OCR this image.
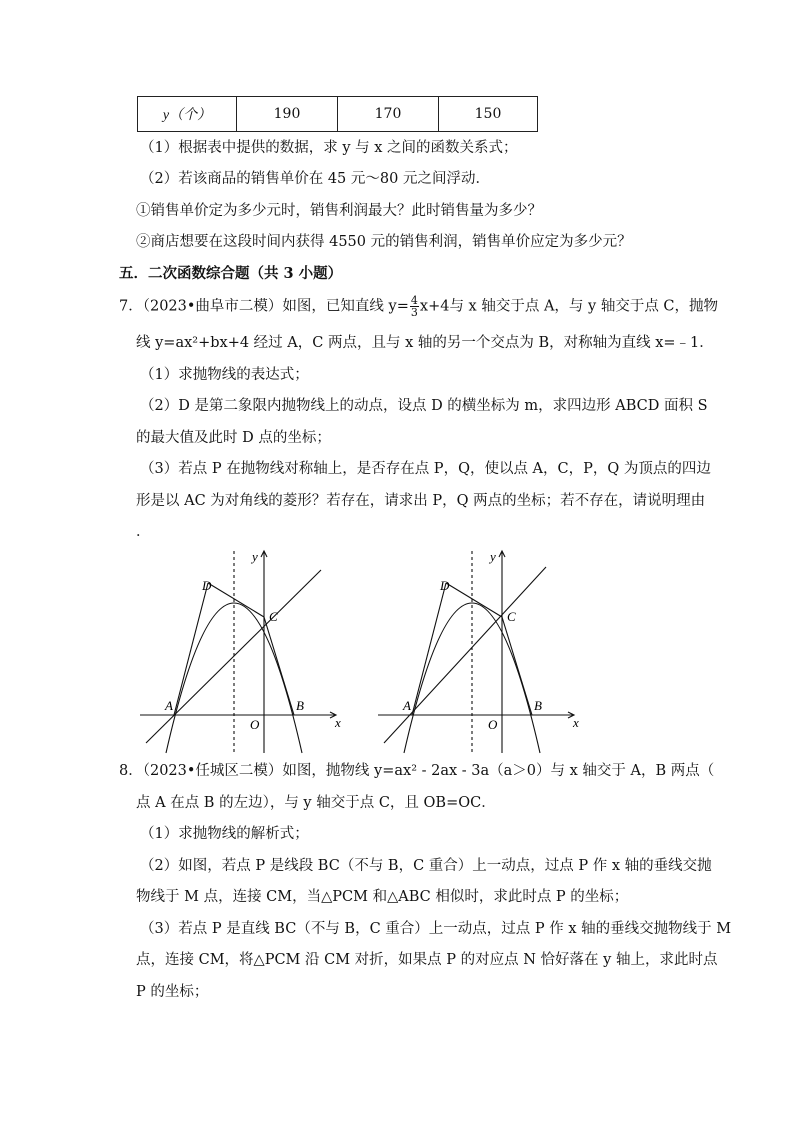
y（个）	190	170	150
（1）根据表中提供的数据，求 y 与 x 之间的函数关系式；
（2）若该商品的销售单价在 45 元～80 元之间浮动．
①销售单价定为多少元时，销售利润最大？此时销售量为多少？
②商店想要在这段时间内获得 4550 元的销售利润，销售单价应定为多少元？
五．二次函数综合题（共 3 小题）
7．（2023•曲阜市二模）如图，已知直线 $y= \frac{4}{3} x+4$与 x 轴交于点 A，与 y 轴交于点 C，抛物
线 y=ax²+bx+4 经过 A，C 两点，且与 x 轴的另一个交点为 B，对称轴为直线 x=﹣1．
（1）求抛物线的表达式；
（2）D 是第二象限内抛物线上的动点，设点 D 的横坐标为 m，求四边形 ABCD 面积 S
的最大值及此时 D 点的坐标；
（3）若点 P 在抛物线对称轴上，是否存在点 P，Q，使以点 A，C，P，Q 为顶点的四边
形是以 AC 为对角线的菱形？若存在，请求出 P，Q 两点的坐标；若不存在，请说明理由
．
A	B
C
D
O	x
y
A	B
C
D
O	x
y
8．（2023•任城区二模）如图，抛物线 y=ax² - 2ax - 3a（a＞0）与 x 轴交于 A，B 两点（
点 A 在点 B 的左边），与 y 轴交于点 C，且 OB=OC．
（1）求抛物线的解析式；
（2）如图，若点 P 是线段 BC（不与 B，C 重合）上一动点，过点 P 作 x 轴的垂线交抛
物线于 M 点，连接 CM，当△PCM 和△ABC 相似时，求此时点 P 的坐标；
（3）若点 P 是直线 BC（不与 B，C 重合）上一动点，过点 P 作 x 轴的垂线交抛物线于 M
点，连接 CM，将△PCM 沿 CM 对折，如果点 P 的对应点 N 恰好落在 y 轴上，求此时点
P 的坐标；
